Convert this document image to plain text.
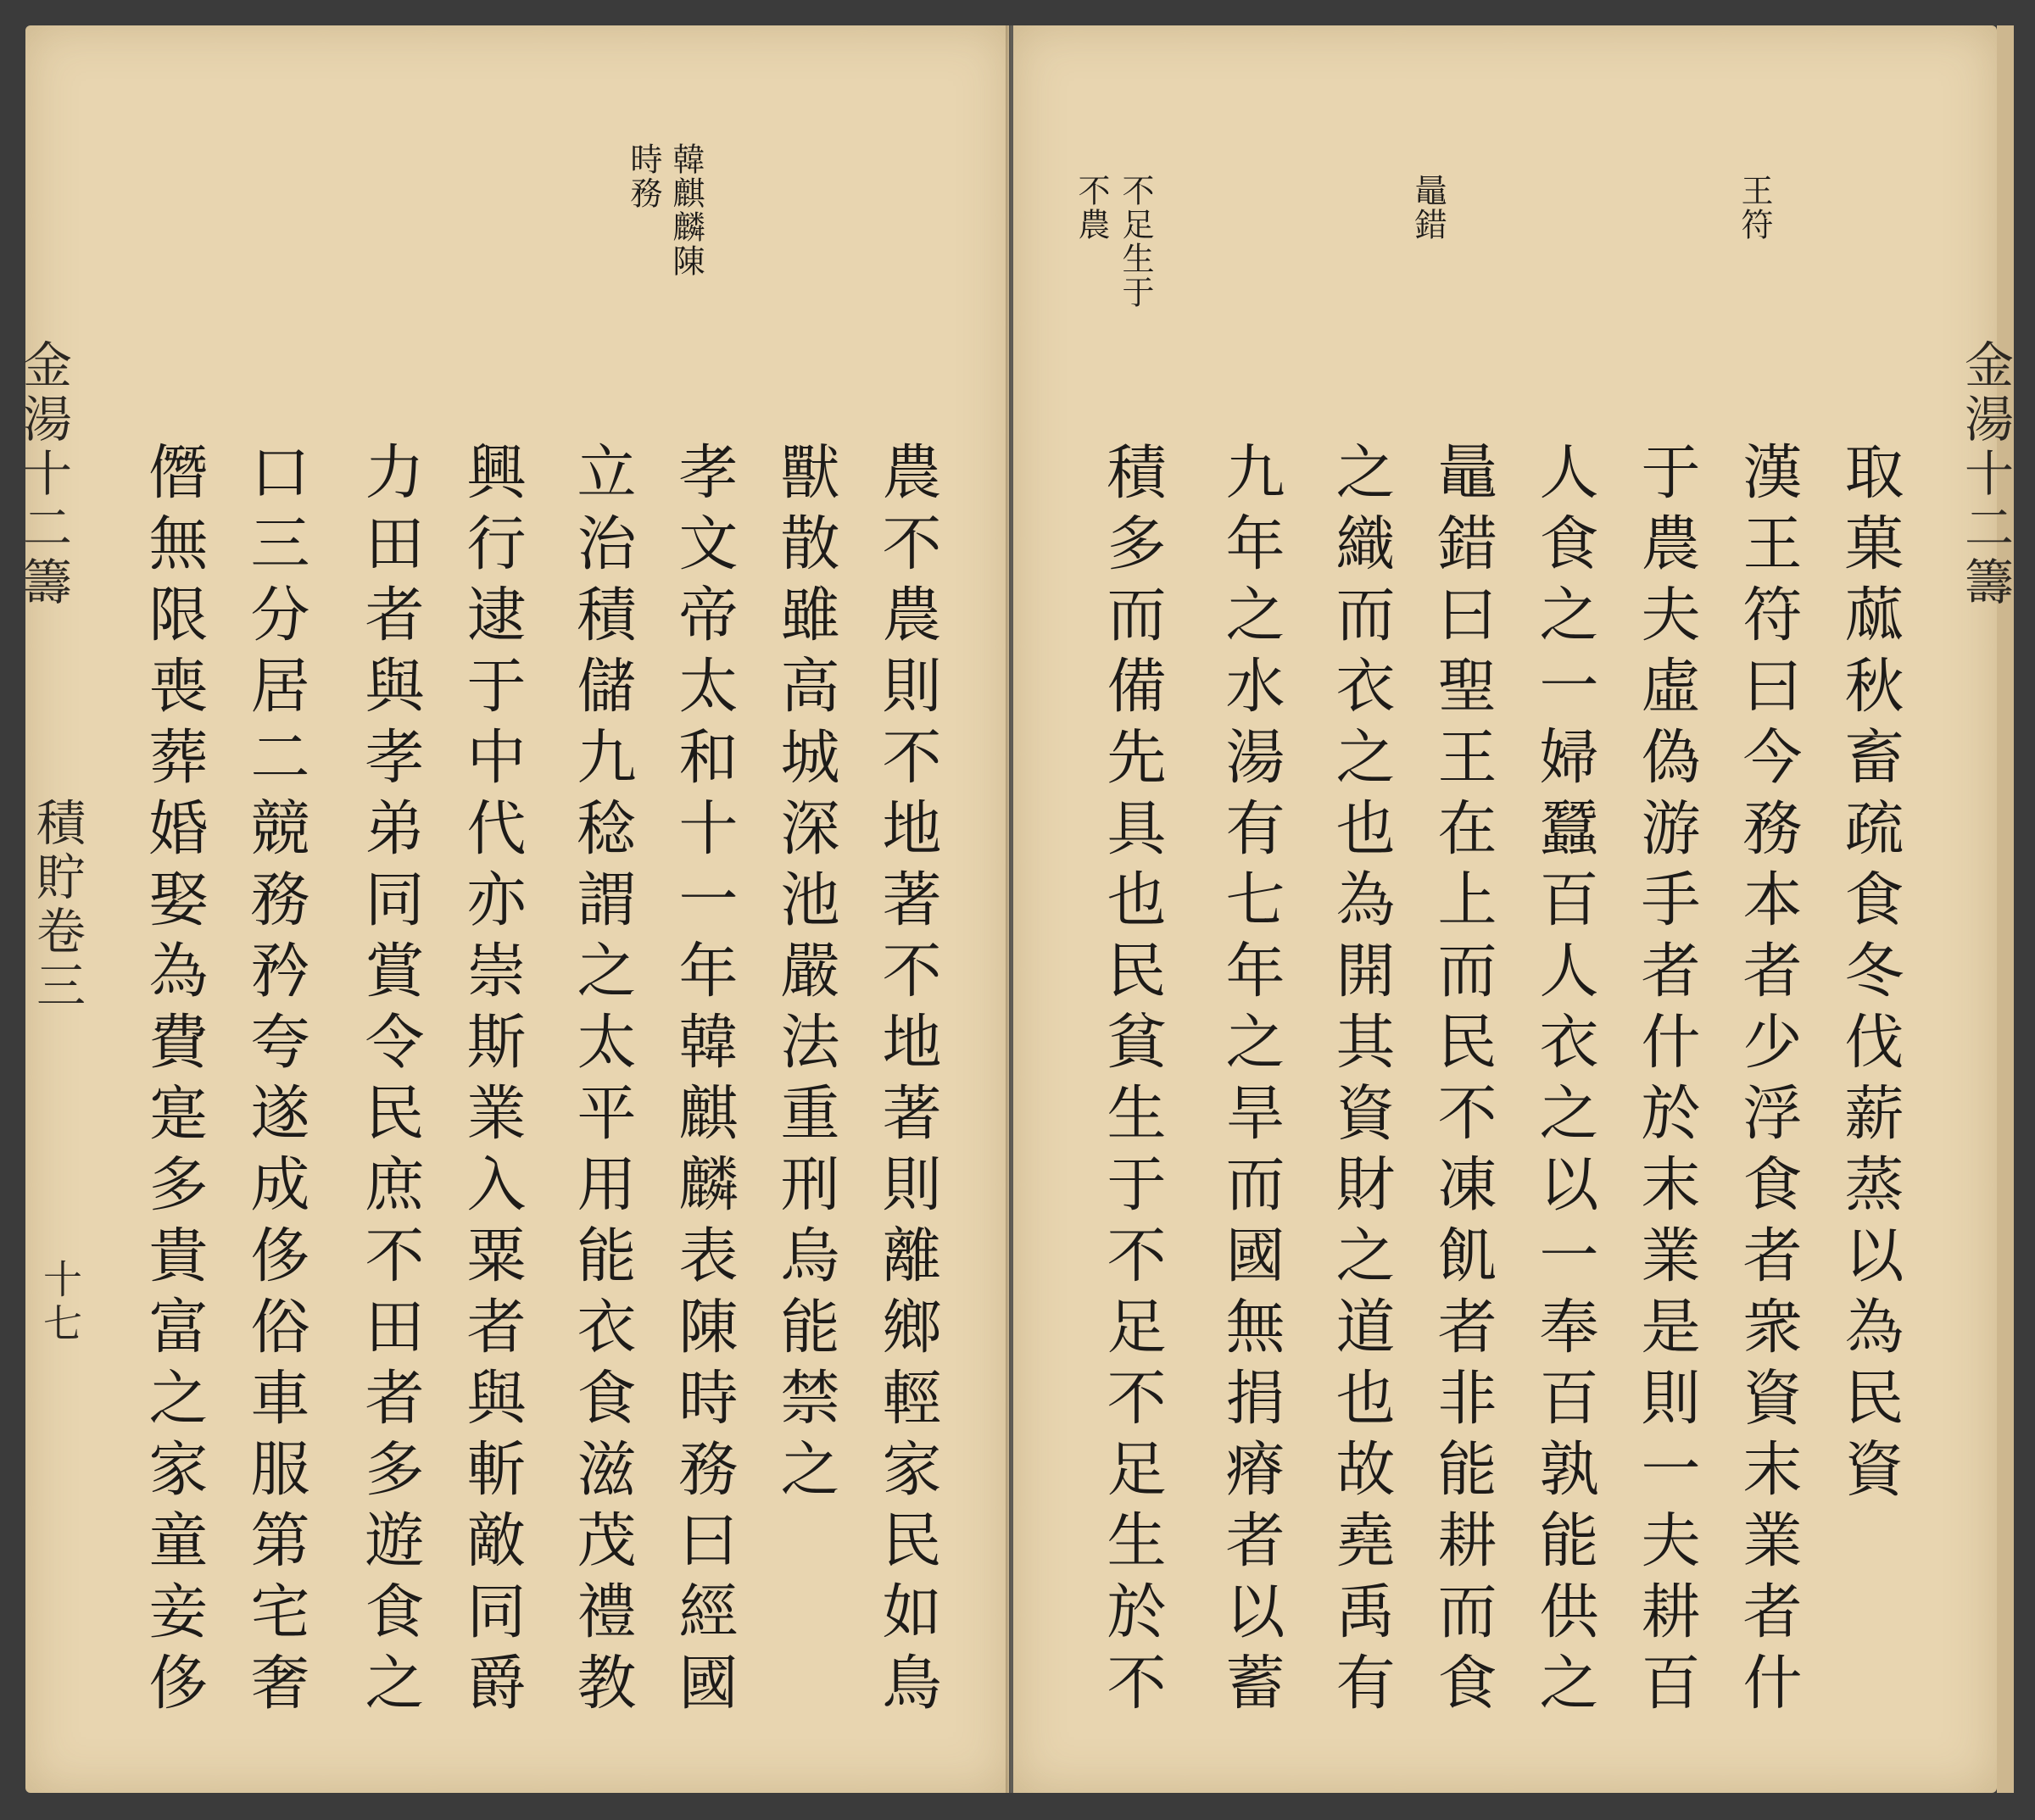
金湯十二籌
積貯卷三
十七
韓麒麟陳
時務
農不農則不地著不地著則離鄉輕家民如鳥
獸散雖高城深池嚴法重刑烏能禁之
孝文帝太和十一年韓麒麟表陳時務曰經國
立治積儲九稔謂之太平用能衣食滋茂禮教
興行逮于中代亦崇斯業入粟者與斬敵同爵
力田者與孝弟同賞令民庶不田者多遊食之
口三分居二競務矜夸遂成侈俗車服第宅奢
僭無限喪葬婚娶為費寔多貴富之家童妾侈	金湯十二籌
王符
鼂錯
不足生于
不農
取菓蓏秋畜疏食冬伐薪蒸以為民資
漢王符曰今務本者少浮食者衆資末業者什
于農夫虛偽游手者什於末業是則一夫耕百
人食之一婦蠶百人衣之以一奉百孰能供之
鼂錯曰聖王在上而民不凍飢者非能耕而食
之織而衣之也為開其資財之道也故堯禹有
九年之水湯有七年之旱而國無捐瘠者以蓄
積多而備先具也民貧生于不足不足生於不
